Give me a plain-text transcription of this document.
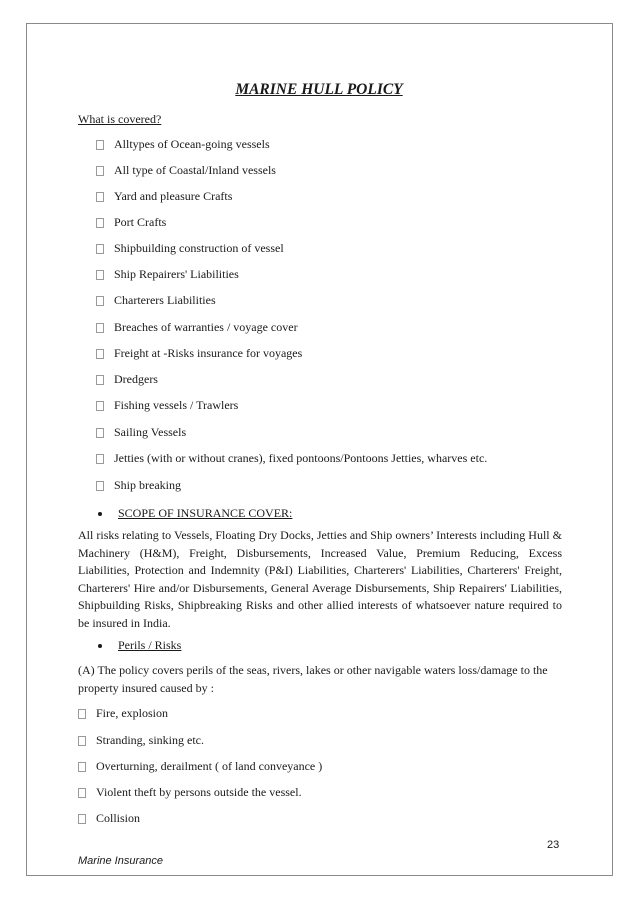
MARINE HULL POLICY
What is covered?
Alltypes of Ocean-going vessels
All type of Coastal/Inland vessels
Yard and pleasure Crafts
Port Crafts
Shipbuilding construction of vessel
Ship Repairers' Liabilities
Charterers Liabilities
Breaches of warranties / voyage cover
Freight at -Risks insurance for voyages
Dredgers
Fishing vessels / Trawlers
Sailing Vessels
Jetties (with or without cranes), fixed pontoons/Pontoons Jetties, wharves etc.
Ship breaking
SCOPE OF INSURANCE COVER:
All risks relating to Vessels, Floating Dry Docks, Jetties and Ship owners’ Interests including Hull & Machinery (H&M), Freight, Disbursements, Increased Value, Premium Reducing, Excess Liabilities, Protection and Indemnity (P&I) Liabilities, Charterers' Liabilities, Charterers' Freight, Charterers' Hire and/or Disbursements, General Average Disbursements, Ship Repairers' Liabilities, Shipbuilding Risks, Shipbreaking Risks and other allied interests of whatsoever nature required to be insured in India.
Perils / Risks
(A) The policy covers perils of the seas, rivers, lakes or other navigable waters loss/damage to the property insured caused by :
Fire, explosion
Stranding, sinking etc.
Overturning, derailment ( of land conveyance )
Violent theft by persons outside the vessel.
Collision
23
Marine Insurance
